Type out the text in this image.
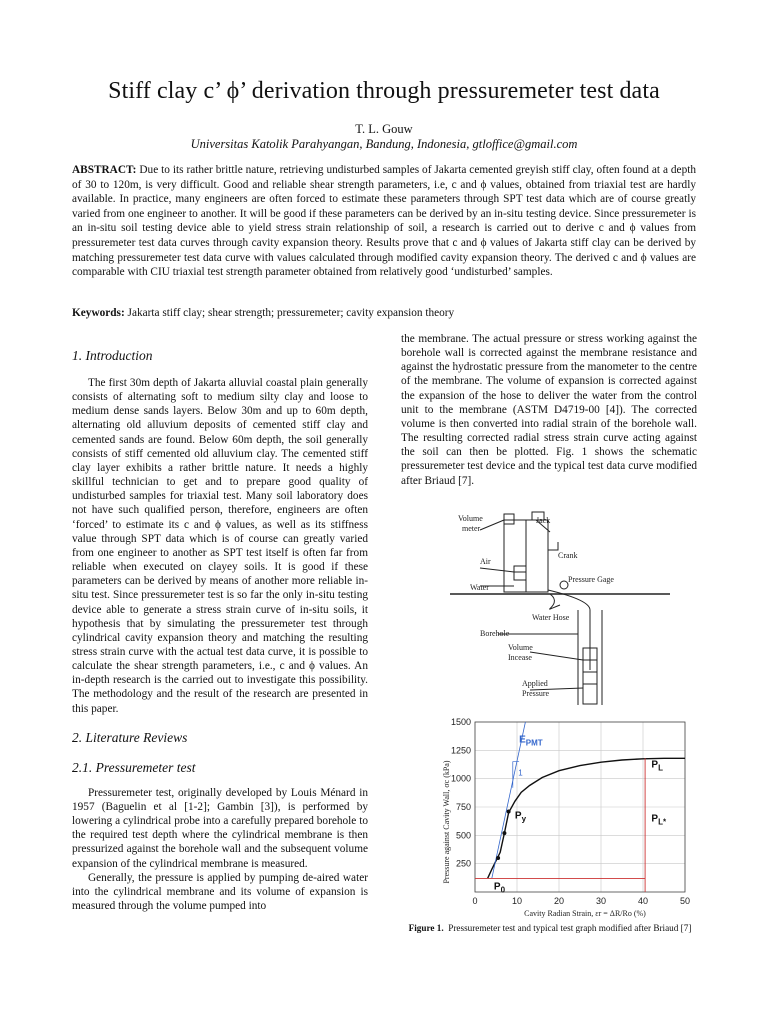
Stiff clay c’ ϕ’ derivation through pressuremeter test data
T. L. Gouw
Universitas Katolik Parahyangan, Bandung, Indonesia, gtloffice@gmail.com
ABSTRACT: Due to its rather brittle nature, retrieving undisturbed samples of Jakarta cemented greyish stiff clay, often found at a depth of 30 to 120m, is very difficult. Good and reliable shear strength parameters, i.e, c and ϕ values, obtained from triaxial test are hardly available. In practice, many engineers are often forced to estimate these parameters through SPT test data which are of course greatly varied from one engineer to another. It will be good if these parameters can be derived by an in-situ testing device. Since pressuremeter is an in-situ soil testing device able to yield stress strain relationship of soil, a research is carried out to derive c and ϕ values from pressuremeter test data curves through cavity expansion theory. Results prove that c and ϕ values of Jakarta stiff clay can be derived by matching pressuremeter test data curve with values calculated through modified cavity expansion theory. The derived c and ϕ values are comparable with CIU triaxial test strength parameter obtained from relatively good ‘undisturbed’ samples.
Keywords: Jakarta stiff clay; shear strength; pressuremeter; cavity expansion theory
1. Introduction

The first 30m depth of Jakarta alluvial coastal plain generally consists of alternating soft to medium silty clay and loose to medium dense sands layers. Below 30m and up to 60m depth, alternating old alluvium deposits of cemented stiff clay and cemented sands are found. Below 60m depth, the soil generally consists of stiff cemented old alluvium clay. The cemented stiff clay layer exhibits a rather brittle nature. It needs a highly skillful technician to get and to prepare good quality of undisturbed samples for triaxial test. Many soil laboratory does not have such qualified person, therefore, engineers are often ‘forced’ to estimate its c and ϕ values, as well as its stiffness value through SPT data which is of course can greatly varied from one engineer to another as SPT test itself is often far from reliable when executed on clayey soils. It is good if these parameters can be derived by means of another more reliable in-situ test. Since pressuremeter test is so far the only in-situ testing device able to generate a stress strain curve of in-situ soils, it hypothesis that by simulating the pressuremeter test through cylindrical cavity expansion theory and matching the resulting stress strain curve with the actual test data curve, it is possible to calculate the shear strength parameters, i.e., c and ϕ values. An in-depth research is the carried out to investigate this possibility. The methodology and the result of the research are presented in this paper.

2. Literature Reviews
2.1. Pressuremeter test

Pressuremeter test, originally developed by Louis Ménard in 1957 (Baguelin et al [1-2]; Gambin [3]), is performed by lowering a cylindrical probe into a carefully prepared borehole to the required test depth where the cylindrical membrane is then pressurized against the borehole wall and the subsequent volume expansion of the cylindrical membrane is measured.

Generally, the pressure is applied by pumping de-aired water into the cylindrical membrane and its volume of expansion is measured through the volume pumped into

the membrane. The actual pressure or stress working against the borehole wall is corrected against the membrane resistance and against the hydrostatic pressure from the manometer to the centre of the membrane. The volume of expansion is corrected against the expansion of the hose to deliver the water from the control unit to the membrane (ASTM D4719-00 [4]). The corrected volume is then converted into radial strain of the borehole wall. The resulting corrected radial stress strain curve acting against the soil can then be plotted. Fig. 1 shows the schematic pressuremeter test device and the typical test data curve modified after Briaud [7].

Volume
meter
Jack
Crank
Air
Pressure Gage
Water
Water Hose
Borehole
Volume
Incease
Applied
Pressure
Pressure against Cavity Wall, σc (kPa)
Cavity Radian Strain, εr = ΔR/Ro (%)
250
500
750
1000
1250
1500
0	10	20	30	40	50
$P_0$
$P_y$
$P_L$
$P_{L*}$
$E_{PMT}$
1
Figure 1. Pressuremeter test and typical test graph modified after Briaud [7]
